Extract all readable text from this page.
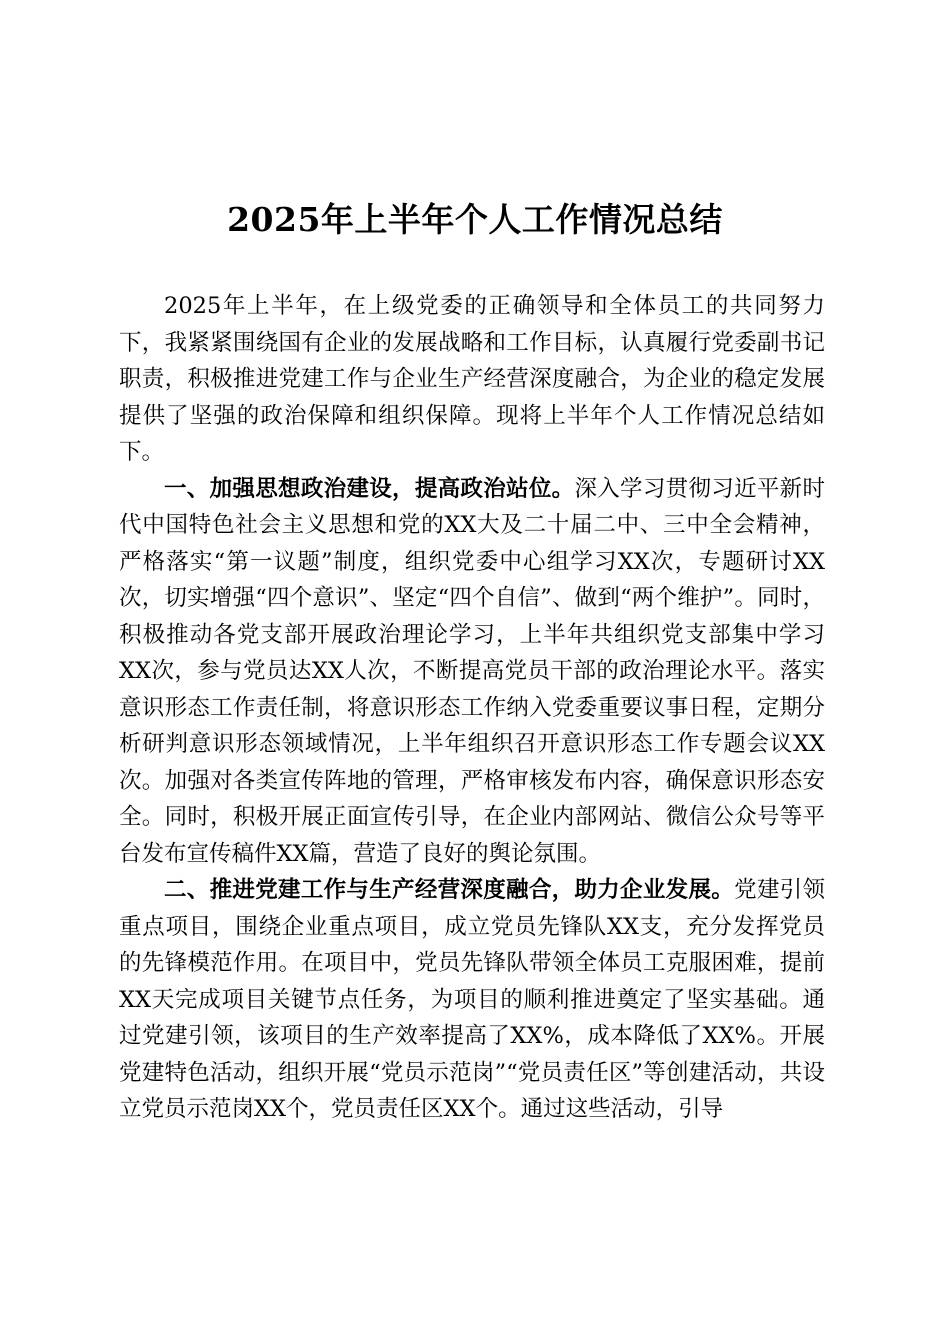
2025年上半年个人工作情况总结

2025年上半年，在上级党委的正确领导和全体员工的共同努力下，我紧紧围绕国有企业的发展战略和工作目标，认真履行党委副书记职责，积极推进党建工作与企业生产经营深度融合，为企业的稳定发展提供了坚强的政治保障和组织保障。现将上半年个人工作情况总结如下。

一、加强思想政治建设，提高政治站位。深入学习贯彻习近平新时代中国特色社会主义思想和党的XX大及二十届二中、三中全会精神，严格落实“第一议题”制度，组织党委中心组学习XX次，专题研讨XX次，切实增强“四个意识”、坚定“四个自信”、做到“两个维护”。同时，积极推动各党支部开展政治理论学习，上半年共组织党支部集中学习XX次，参与党员达XX人次，不断提高党员干部的政治理论水平。落实意识形态工作责任制，将意识形态工作纳入党委重要议事日程，定期分析研判意识形态领域情况，上半年组织召开意识形态工作专题会议XX次。加强对各类宣传阵地的管理，严格审核发布内容，确保意识形态安全。同时，积极开展正面宣传引导，在企业内部网站、微信公众号等平台发布宣传稿件XX篇，营造了良好的舆论氛围。

二、推进党建工作与生产经营深度融合，助力企业发展。党建引领重点项目，围绕企业重点项目，成立党员先锋队XX支，充分发挥党员的先锋模范作用。在项目中，党员先锋队带领全体员工克服困难，提前XX天完成项目关键节点任务，为项目的顺利推进奠定了坚实基础。通过党建引领，该项目的生产效率提高了XX%，成本降低了XX%。开展党建特色活动，组织开展“党员示范岗”“党员责任区”等创建活动，共设立党员示范岗XX个，党员责任区XX个。通过这些活动，引导
